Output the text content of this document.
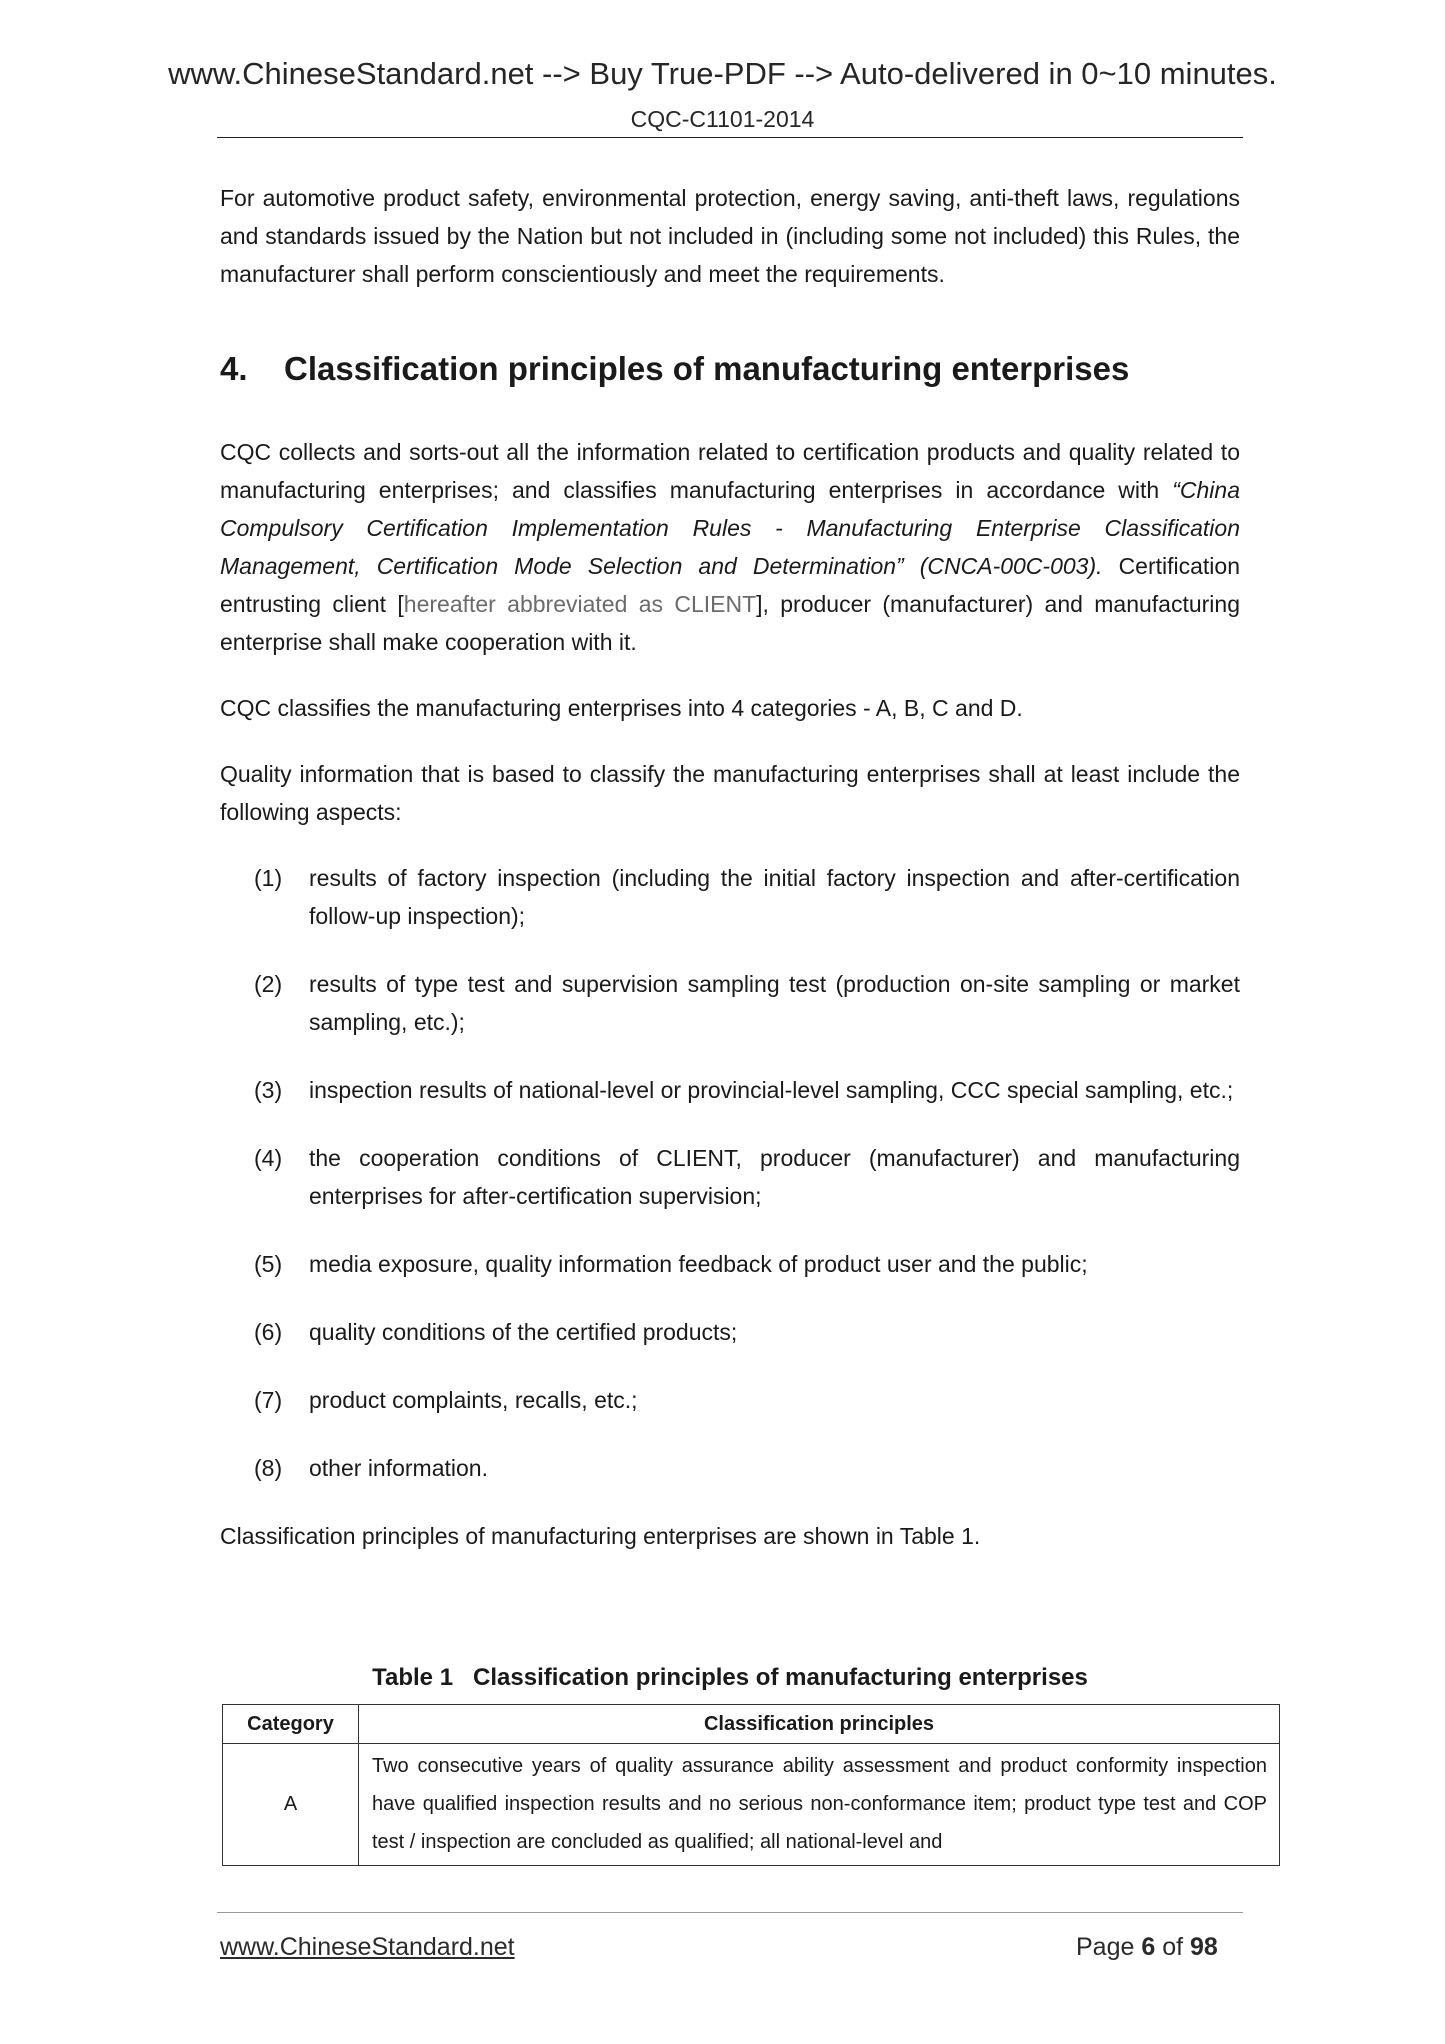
www.ChineseStandard.net --> Buy True-PDF --> Auto-delivered in 0~10 minutes.
CQC-C1101-2014

For automotive product safety, environmental protection, energy saving, anti-theft laws, regulations and standards issued by the Nation but not included in (including some not included) this Rules, the manufacturer shall perform conscientiously and meet the requirements.

4.	Classification principles of manufacturing enterprises

CQC collects and sorts-out all the information related to certification products and quality related to manufacturing enterprises; and classifies manufacturing enterprises in accordance with “China Compulsory Certification Implementation Rules - Manufacturing Enterprise Classification Management, Certification Mode Selection and Determination” (CNCA-00C-003). Certification entrusting client [hereafter abbreviated as CLIENT], producer (manufacturer) and manufacturing enterprise shall make cooperation with it.

CQC classifies the manufacturing enterprises into 4 categories - A, B, C and D.

Quality information that is based to classify the manufacturing enterprises shall at least include the following aspects:

(1)	results of factory inspection (including the initial factory inspection and after-certification follow-up inspection);
(2)	results of type test and supervision sampling test (production on-site sampling or market sampling, etc.);
(3)	inspection results of national-level or provincial-level sampling, CCC special sampling, etc.;
(4)	the cooperation conditions of CLIENT, producer (manufacturer) and manufacturing enterprises for after-certification supervision;
(5)	media exposure, quality information feedback of product user and the public;
(6)	quality conditions of the certified products;
(7)	product complaints, recalls, etc.;
(8)	other information.

Classification principles of manufacturing enterprises are shown in Table 1.

Table 1 Classification principles of manufacturing enterprises
Category	Classification principles
A	Two consecutive years of quality assurance ability assessment and product conformity inspection have qualified inspection results and no serious non-conformance item; product type test and COP test / inspection are concluded as qualified; all national-level and
www.ChineseStandard.net	Page 6 of 98
